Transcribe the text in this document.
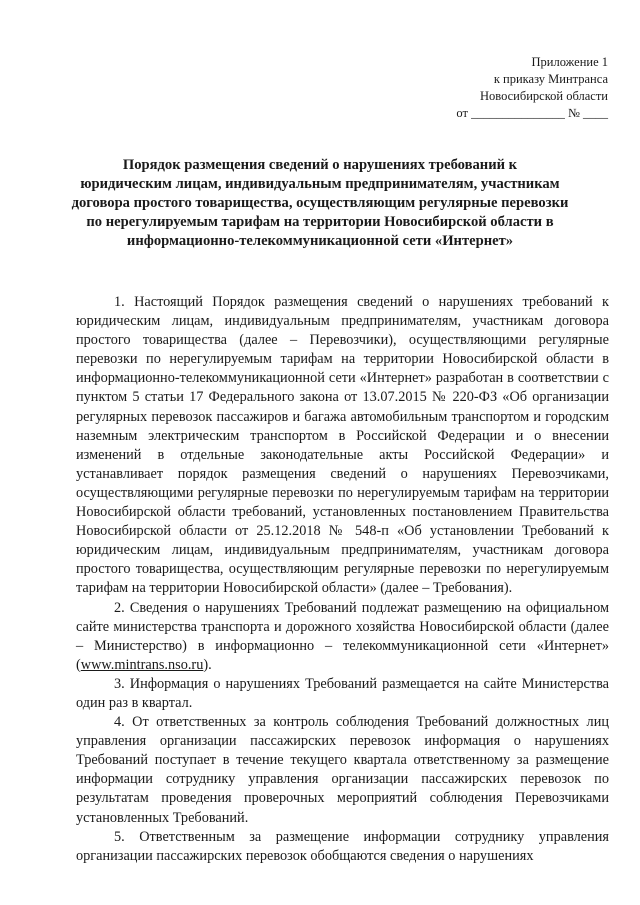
Приложение 1
к приказу Минтранса
Новосибирской области
от _______________ № ____
Порядок размещения сведений о нарушениях требований к
юридическим лицам, индивидуальным предпринимателям, участникам
договора простого товарищества, осуществляющим регулярные перевозки
по нерегулируемым тарифам на территории Новосибирской области в
информационно-телекоммуникационной сети «Интернет»

1. Настоящий Порядок размещения сведений о нарушениях требований к юридическим лицам, индивидуальным предпринимателям, участникам договора простого товарищества (далее – Перевозчики), осуществляющими регулярные перевозки по нерегулируемым тарифам на территории Новосибирской области в информационно-телекоммуникационной сети «Интернет» разработан в соответствии с пунктом 5 статьи 17 Федерального закона от 13.07.2015 № 220-ФЗ «Об организации регулярных перевозок пассажиров и багажа автомобильным транспортом и городским наземным электрическим транспортом в Российской Федерации и о внесении изменений в отдельные законодательные акты Российской Федерации» и устанавливает порядок размещения сведений о нарушениях Перевозчиками, осуществляющими регулярные перевозки по нерегулируемым тарифам на территории Новосибирской области требований, установленных постановлением Правительства Новосибирской области от 25.12.2018 № 548-п «Об установлении Требований к юридическим лицам, индивидуальным предпринимателям, участникам договора простого товарищества, осуществляющим регулярные перевозки по нерегулируемым тарифам на территории Новосибирской области» (далее – Требования).

2. Сведения о нарушениях Требований подлежат размещению на официальном сайте министерства транспорта и дорожного хозяйства Новосибирской области (далее – Министерство) в информационно – телекоммуникационной сети «Интернет» (www.mintrans.nso.ru).

3. Информация о нарушениях Требований размещается на сайте Министерства один раз в квартал.

4. От ответственных за контроль соблюдения Требований должностных лиц управления организации пассажирских перевозок информация о нарушениях Требований поступает в течение текущего квартала ответственному за размещение информации сотруднику управления организации пассажирских перевозок по результатам проведения проверочных мероприятий соблюдения Перевозчиками установленных Требований.

5. Ответственным за размещение информации сотруднику управления организации пассажирских перевозок обобщаются сведения о нарушениях
